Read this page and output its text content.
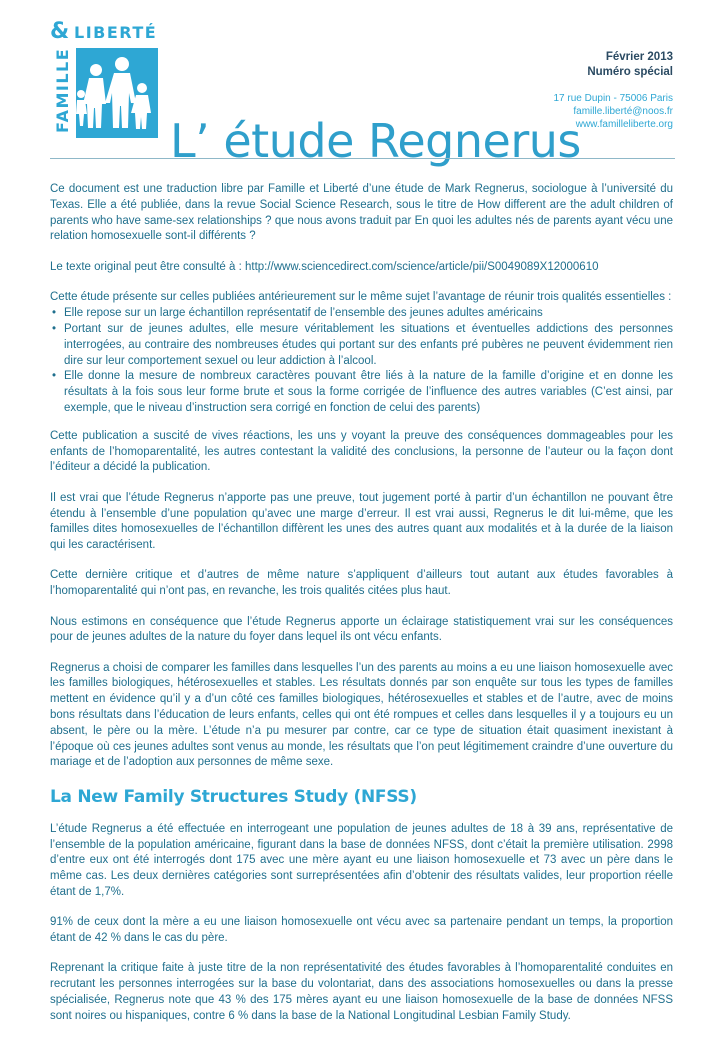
& LIBERTÉ
FAMILLE
L’ étude Regnerus
Février 2013
Numéro spécial
17 rue Dupin - 75006 Paris
famille.liberté@noos.fr
www.familleliberte.org

Ce document est une traduction libre par Famille et Liberté d’une étude de Mark Regnerus, sociologue à l’université du Texas. Elle a été publiée, dans la revue Social Science Research, sous le titre de How different are the adult children of parents who have same-sex relationships ? que nous avons traduit par En quoi les adultes nés de parents ayant vécu une relation homosexuelle sont-il différents ?

Le texte original peut être consulté à : http://www.sciencedirect.com/science/article/pii/S0049089X12000610

Cette étude présente sur celles publiées antérieurement sur le même sujet l’avantage de réunir trois qualités essentielles :

• Elle repose sur un large échantillon représentatif de l’ensemble des jeunes adultes américains
• Portant sur de jeunes adultes, elle mesure véritablement les situations et éventuelles addictions des personnes interrogées, au contraire des nombreuses études qui portant sur des enfants pré pubères ne peuvent évidemment rien dire sur leur comportement sexuel ou leur addiction à l’alcool.
• Elle donne la mesure de nombreux caractères pouvant être liés à la nature de la famille d’origine et en donne les résultats à la fois sous leur forme brute et sous la forme corrigée de l’influence des autres variables (C’est ainsi, par exemple, que le niveau d’instruction sera corrigé en fonction de celui des parents)

Cette publication a suscité de vives réactions, les uns y voyant la preuve des conséquences dommageables pour les enfants de l’homoparentalité, les autres contestant la validité des conclusions, la personne de l’auteur ou la façon dont l’éditeur a décidé la publication.

Il est vrai que l’étude Regnerus n’apporte pas une preuve, tout jugement porté à partir d’un échantillon ne pouvant être étendu à l’ensemble d’une population qu’avec une marge d’erreur. Il est vrai aussi, Regnerus le dit lui-même, que les familles dites homosexuelles de l’échantillon diffèrent les unes des autres quant aux modalités et à la durée de la liaison qui les caractérisent.

Cette dernière critique et d’autres de même nature s’appliquent d’ailleurs tout autant aux études favorables à l’homoparentalité qui n’ont pas, en revanche, les trois qualités citées plus haut.

Nous estimons en conséquence que l’étude Regnerus apporte un éclairage statistiquement vrai sur les conséquences pour de jeunes adultes de la nature du foyer dans lequel ils ont vécu enfants.

Regnerus a choisi de comparer les familles dans lesquelles l’un des parents au moins a eu une liaison homosexuelle avec les familles biologiques, hétérosexuelles et stables. Les résultats donnés par son enquête sur tous les types de familles mettent en évidence qu’il y a d’un côté ces familles biologiques, hétérosexuelles et stables et de l’autre, avec de moins bons résultats dans l’éducation de leurs enfants, celles qui ont été rompues et celles dans lesquelles il y a toujours eu un absent, le père ou la mère. L’étude n’a pu mesurer par contre, car ce type de situation était quasiment inexistant à l’époque où ces jeunes adultes sont venus au monde, les résultats que l’on peut légitimement craindre d’une ouverture du mariage et de l’adoption aux personnes de même sexe.

La New Family Structures Study (NFSS)

L’étude Regnerus a été effectuée en interrogeant une population de jeunes adultes de 18 à 39 ans, représentative de l’ensemble de la population américaine, figurant dans la base de données NFSS, dont c’était la première utilisation. 2998 d’entre eux ont été interrogés dont 175 avec une mère ayant eu une liaison homosexuelle et 73 avec un père dans le même cas. Les deux dernières catégories sont surreprésentées afin d’obtenir des résultats valides, leur proportion réelle étant de 1,7%.

91% de ceux dont la mère a eu une liaison homosexuelle ont vécu avec sa partenaire pendant un temps, la proportion étant de 42 % dans le cas du père.

Reprenant la critique faite à juste titre de la non représentativité des études favorables à l’homoparentalité conduites en recrutant les personnes interrogées sur la base du volontariat, dans des associations homosexuelles ou dans la presse spécialisée, Regnerus note que 43 % des 175 mères ayant eu une liaison homosexuelle de la base de données NFSS sont noires ou hispaniques, contre 6 % dans la base de la National Longitudinal Lesbian Family Study.
